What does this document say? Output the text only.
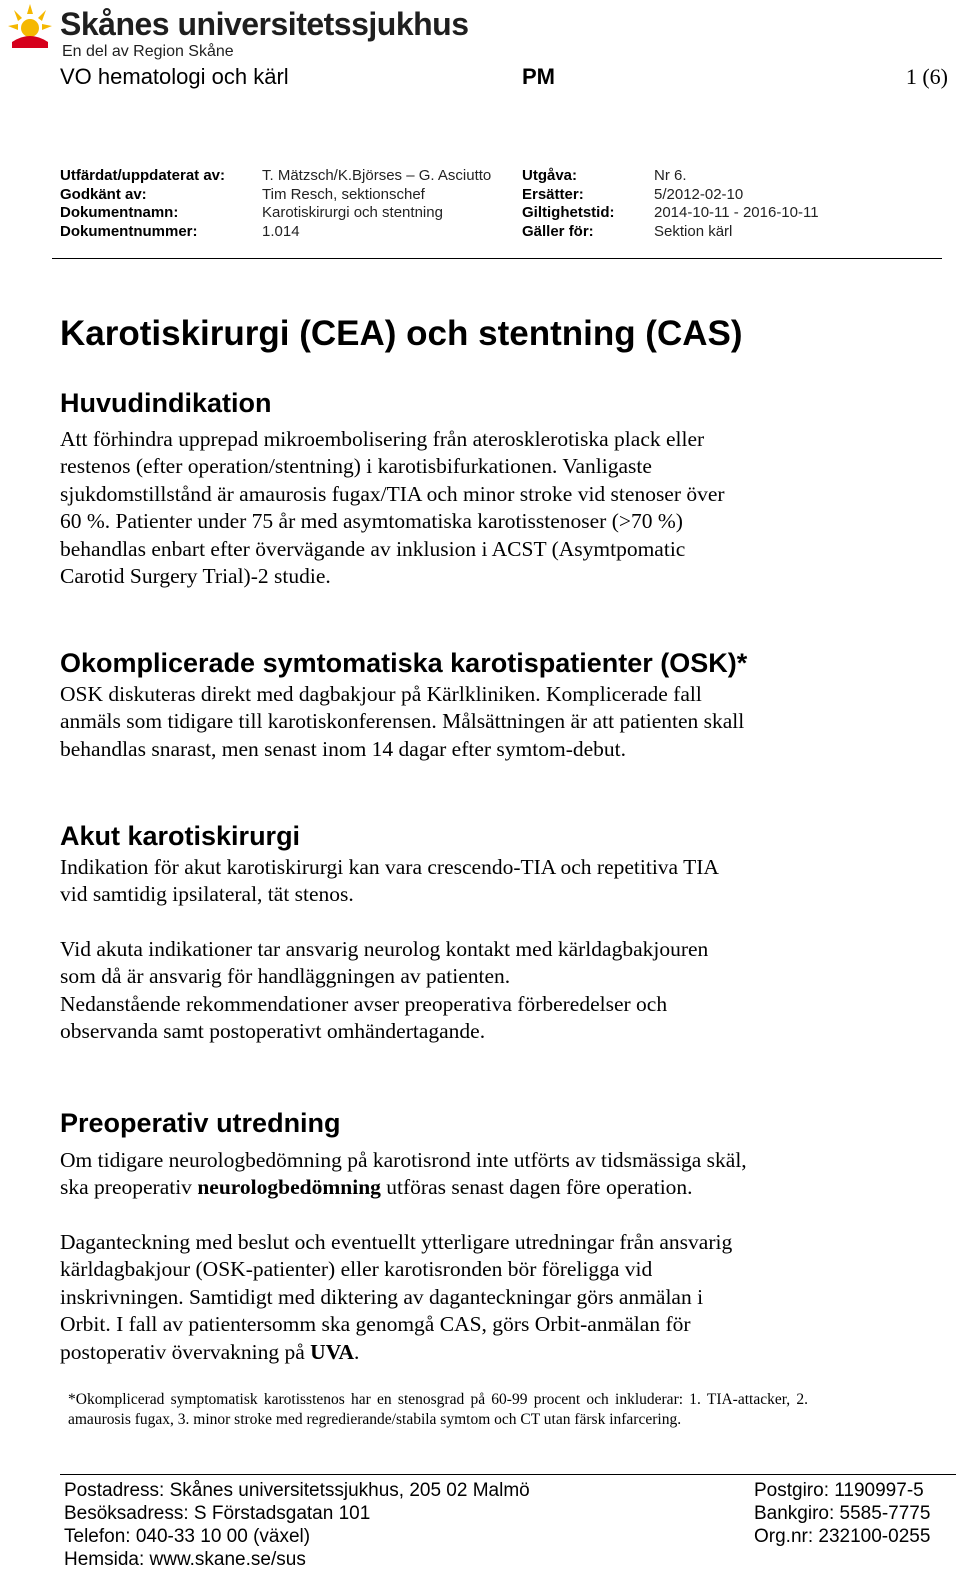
Skånes universitetssjukhus
En del av Region Skåne
VO hematologi och kärl	PM	1 (6)
Utfärdat/uppdaterat av:
Godkänt av:
Dokumentnamn:
Dokumentnummer:
T. Mätzsch/K.Björses – G. Asciutto
Tim Resch, sektionschef
Karotiskirurgi och stentning
1.014
Utgåva:
Ersätter:
Giltighetstid:
Gäller för:
Nr 6.
5/2012-02-10
2014-10-11 - 2016-10-11
Sektion kärl
Karotiskirurgi (CEA) och stentning (CAS)
Huvudindikation
Att förhindra upprepad mikroembolisering från aterosklerotiska plack eller
restenos (efter operation/stentning) i karotisbifurkationen. Vanligaste
sjukdomstillstånd är amaurosis fugax/TIA och minor stroke vid stenoser över
60 %. Patienter under 75 år med asymtomatiska karotisstenoser (>70 %)
behandlas enbart efter övervägande av inklusion i ACST (Asymtpomatic
Carotid Surgery Trial)-2 studie.
Okomplicerade symtomatiska karotispatienter (OSK)*
OSK diskuteras direkt med dagbakjour på Kärlkliniken. Komplicerade fall
anmäls som tidigare till karotiskonferensen. Målsättningen är att patienten skall
behandlas snarast, men senast inom 14 dagar efter symtom-debut.
Akut karotiskirurgi
Indikation för akut karotiskirurgi kan vara crescendo-TIA och repetitiva TIA
vid samtidig ipsilateral, tät stenos.
Vid akuta indikationer tar ansvarig neurolog kontakt med kärldagbakjouren
som då är ansvarig för handläggningen av patienten.
Nedanstående rekommendationer avser preoperativa förberedelser och
observanda samt postoperativt omhändertagande.
Preoperativ utredning
Om tidigare neurologbedömning på karotisrond inte utförts av tidsmässiga skäl,
ska preoperativ neurologbedömning utföras senast dagen före operation.
Daganteckning med beslut och eventuellt ytterligare utredningar från ansvarig
kärldagbakjour (OSK-patienter) eller karotisronden bör föreligga vid
inskrivningen. Samtidigt med diktering av daganteckningar görs anmälan i
Orbit. I fall av patientersomm ska genomgå CAS, görs Orbit-anmälan för
postoperativ övervakning på UVA.

*Okomplicerad symptomatisk karotisstenos har en stenosgrad på 60-99 procent och inkluderar: 1. TIA-attacker, 2. amaurosis fugax, 3. minor stroke med regredierande/stabila symtom och CT utan färsk infarcering.

Postadress: Skånes universitetssjukhus, 205 02 Malmö
Besöksadress: S Förstadsgatan 101
Telefon: 040-33 10 00 (växel)
Hemsida: www.skane.se/sus
Postgiro: 1190997-5
Bankgiro: 5585-7775
Org.nr: 232100-0255
